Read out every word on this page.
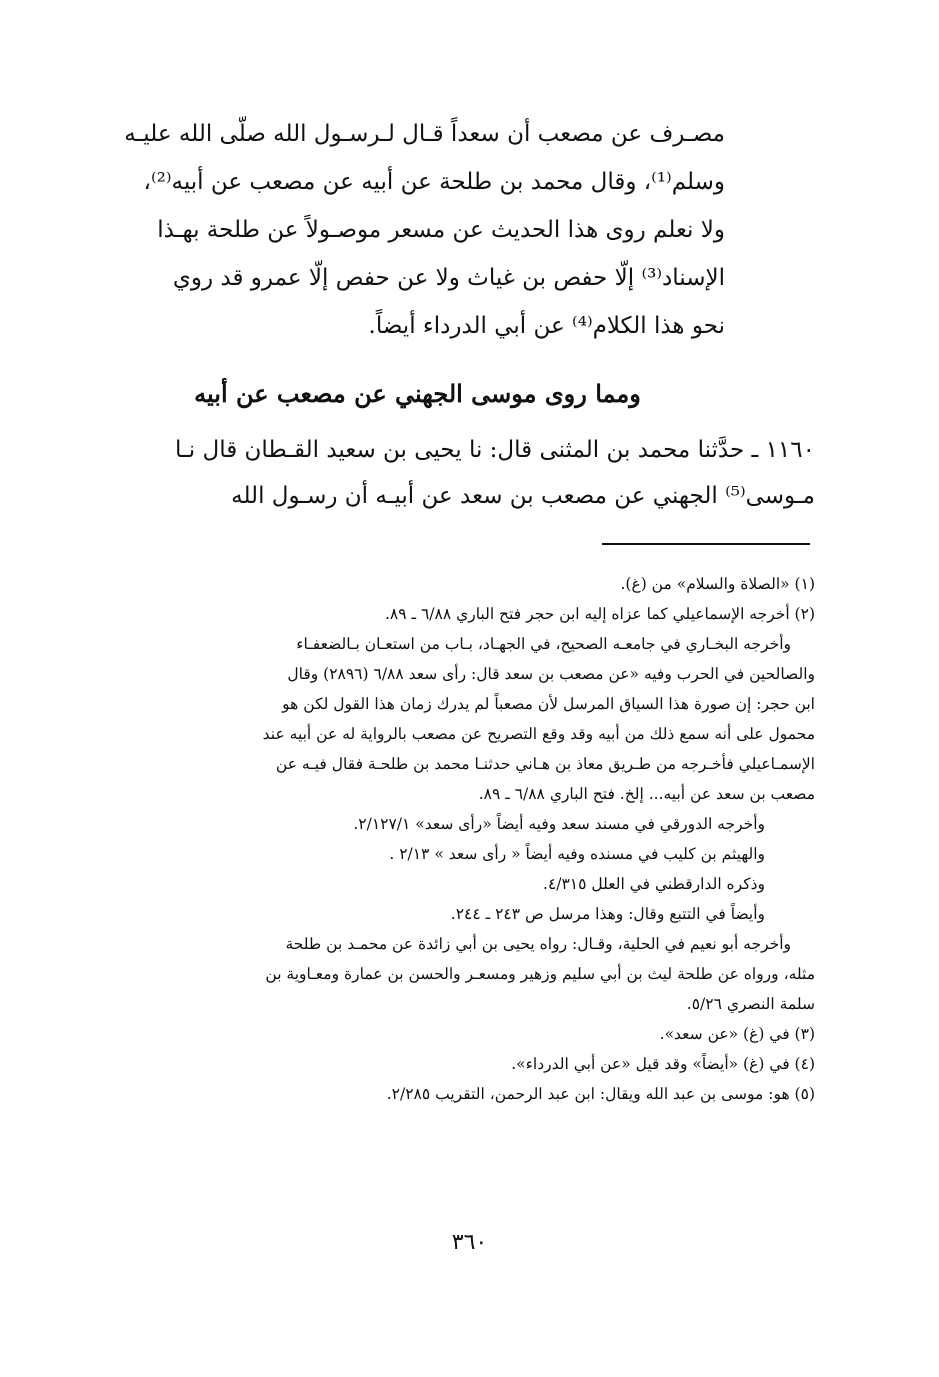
مصـرف عن مصعب أن سعداً قـال لـرسـول الله صلّى الله عليـه
وسلم⁽¹⁾، وقال محمد بن طلحة عن أبيه عن مصعب عن أبيه⁽²⁾،
ولا نعلم روى هذا الحديث عن مسعر موصـولاً عن طلحة بهـذا
الإسناد⁽³⁾ إلّا حفص بن غياث ولا عن حفص إلّا عمرو قد روي
نحو هذا الكلام⁽⁴⁾ عن أبي الدرداء أيضاً.
ومما روى موسى الجهني عن مصعب عن أبيه
١١٦٠ ـ حدَّثنا محمد بن المثنى قال: نا يحيى بن سعيد القـطان قال نـا
مـوسى⁽⁵⁾ الجهني عن مصعب بن سعد عن أبيـه أن رسـول الله
(١) «الصلاة والسلام» من (غ).
(٢) أخرجه الإسماعيلي كما عزاه إليه ابن حجر فتح الباري ٦/٨٨ ـ ٨٩.
وأخرجه البخـاري في جامعـه الصحيح، في الجهـاد، بـاب من استعـان بـالضعفـاء
والصالحين في الحرب وفيه «عن مصعب بن سعد قال: رأى سعد ٦/٨٨ (٢٨٩٦) وقال
ابن حجر: إن صورة هذا السياق المرسل لأن مصعباً لم يدرك زمان هذا القول لكن هو
محمول على أنه سمع ذلك من أبيه وقد وقع التصريح عن مصعب بالرواية له عن أبيه عند
الإسمـاعيلي فأخـرجه من طـريق معاذ بن هـاني حدثنـا محمد بن طلحـة فقال فيـه عن
مصعب بن سعد عن أبيه... إلخ. فتح الباري ٦/٨٨ ـ ٨٩.
وأخرجه الدورقي في مسند سعد وفيه أيضاً «رأى سعد» ٢/١٢٧/١.
والهيثم بن كليب في مسنده وفيه أيضاً « رأى سعد » ٢/١٣ .
وذكره الدارقطني في العلل ٤/٣١٥.
وأيضاً في التتبع وقال: وهذا مرسل ص ٢٤٣ ـ ٢٤٤.
وأخرجه أبو نعيم في الحلية، وقـال: رواه يحيى بن أبي زائدة عن محمـد بن طلحة
مثله، ورواه عن طلحة ليث بن أبي سليم وزهير ومسعـر والحسن بن عمارة ومعـاوية بن
سلمة النصري ٥/٢٦.
(٣) في (غ) «عن سعد».
(٤) في (غ) «أيضاً» وقد قيل «عن أبي الدرداء».
(٥) هو: موسى بن عبد الله ويقال: ابن عبد الرحمن، التقريب ٢/٢٨٥.
٣٦٠
